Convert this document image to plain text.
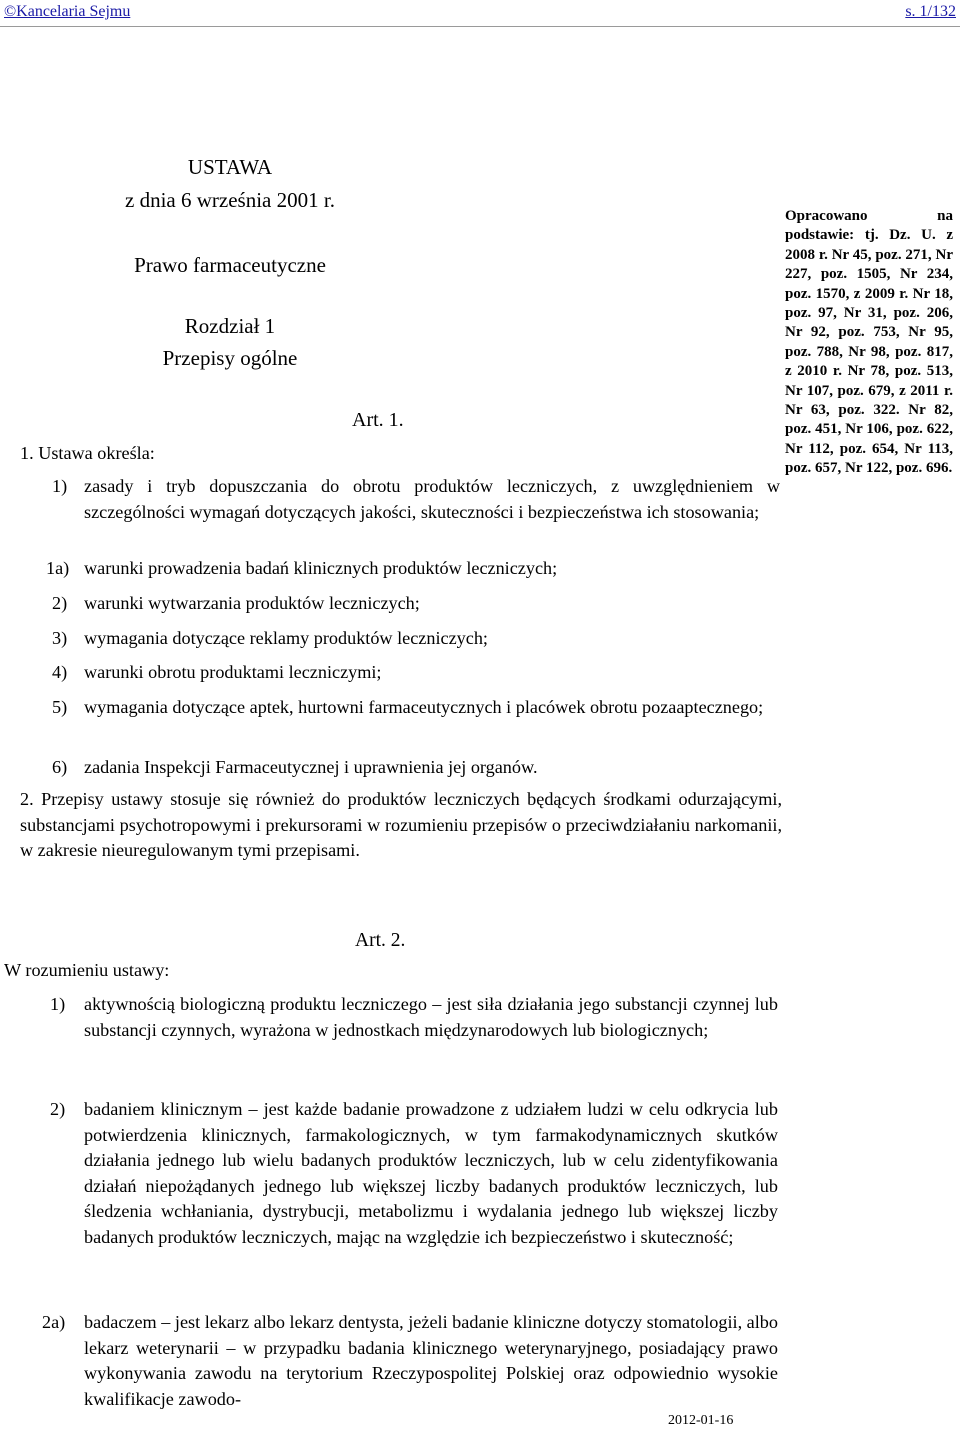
©Kancelaria Sejmu	s. 1/132
USTAWA
z dnia 6 września 2001 r.
Prawo farmaceutyczne
Rozdział 1
Przepisy ogólne
Opracowano na podstawie: tj. Dz. U. z 2008 r. Nr 45, poz. 271, Nr 227, poz. 1505, Nr 234, poz. 1570, z 2009 r. Nr 18, poz. 97, Nr 31, poz. 206, Nr 92, poz. 753, Nr 95, poz. 788, Nr 98, poz. 817, z 2010 r. Nr 78, poz. 513, Nr 107, poz. 679, z 2011 r. Nr 63, poz. 322. Nr 82, poz. 451, Nr 106, poz. 622, Nr 112, poz. 654, Nr 113, poz. 657, Nr 122, poz. 696.
Art. 1.
1. Ustawa określa:
1) zasady i tryb dopuszczania do obrotu produktów leczniczych, z uwzględnieniem w szczególności wymagań dotyczących jakości, skuteczności i bezpieczeństwa ich stosowania;
1a) warunki prowadzenia badań klinicznych produktów leczniczych;
2) warunki wytwarzania produktów leczniczych;
3) wymagania dotyczące reklamy produktów leczniczych;
4) warunki obrotu produktami leczniczymi;
5) wymagania dotyczące aptek, hurtowni farmaceutycznych i placówek obrotu pozaaptecznego;
6) zadania Inspekcji Farmaceutycznej i uprawnienia jej organów.
2. Przepisy ustawy stosuje się również do produktów leczniczych będących środkami odurzającymi, substancjami psychotropowymi i prekursorami w rozumieniu przepisów o przeciwdziałaniu narkomanii, w zakresie nieuregulowanym tymi przepisami.
Art. 2.
W rozumieniu ustawy:
1) aktywnością biologiczną produktu leczniczego – jest siła działania jego substancji czynnej lub substancji czynnych, wyrażona w jednostkach międzynarodowych lub biologicznych;
2) badaniem klinicznym – jest każde badanie prowadzone z udziałem ludzi w celu odkrycia lub potwierdzenia klinicznych, farmakologicznych, w tym farmakodynamicznych skutków działania jednego lub wielu badanych produktów leczniczych, lub w celu zidentyfikowania działań niepożądanych jednego lub większej liczby badanych produktów leczniczych, lub śledzenia wchłaniania, dystrybucji, metabolizmu i wydalania jednego lub większej liczby badanych produktów leczniczych, mając na względzie ich bezpieczeństwo i skuteczność;
2a) badaczem – jest lekarz albo lekarz dentysta, jeżeli badanie kliniczne dotyczy stomatologii, albo lekarz weterynarii – w przypadku badania klinicznego weterynaryjnego, posiadający prawo wykonywania zawodu na terytorium Rzeczypospolitej Polskiej oraz odpowiednio wysokie kwalifikacje zawodo-
2012-01-16
